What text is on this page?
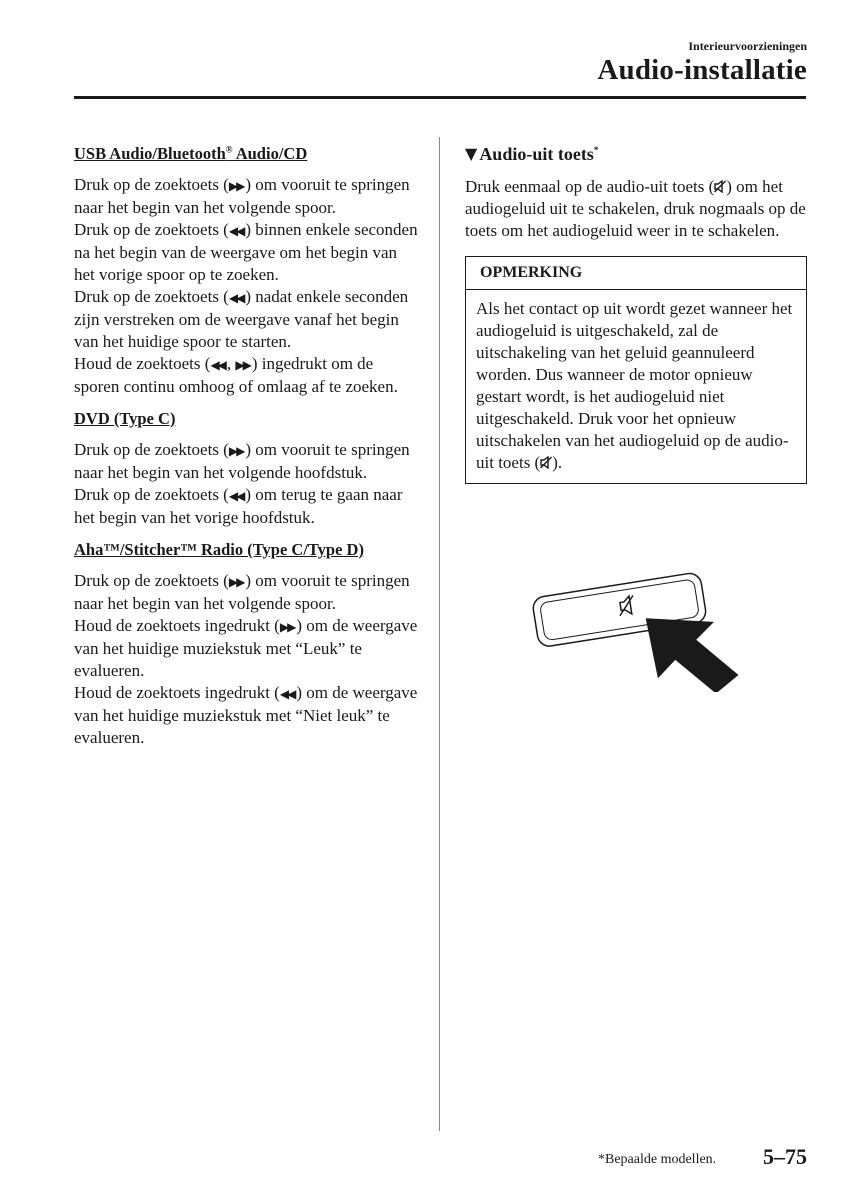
Interieurvoorzieningen
Audio-installatie
USB Audio/Bluetooth® Audio/CD

Druk op de zoektoets (▶▶ ) om vooruit te springen naar het begin van het volgende spoor.

Druk op de zoektoets (◀◀ ) binnen enkele seconden na het begin van de weergave om het begin van het vorige spoor op te zoeken.

Druk op de zoektoets (◀◀ ) nadat enkele seconden zijn verstreken om de weergave vanaf het begin van het huidige spoor te starten.

Houd de zoektoets (◀◀ , ▶▶ ) ingedrukt om de sporen continu omhoog of omlaag af te zoeken.

DVD (Type C)

Druk op de zoektoets (▶▶ ) om vooruit te springen naar het begin van het volgende hoofdstuk.

Druk op de zoektoets (◀◀ ) om terug te gaan naar het begin van het vorige hoofdstuk.

Aha™/Stitcher™ Radio (Type C/Type D)

Druk op de zoektoets (▶▶ ) om vooruit te springen naar het begin van het volgende spoor.

Houd de zoektoets ingedrukt (▶▶ ) om de weergave van het huidige muziekstuk met “Leuk” te evalueren.

Houd de zoektoets ingedrukt (◀◀ ) om de weergave van het huidige muziekstuk met “Niet leuk” te evalueren.

▼ Audio-uit toets*

Druk eenmaal op de audio-uit toets ( ) om het audiogeluid uit te schakelen, druk nogmaals op de toets om het audiogeluid weer in te schakelen.

OPMERKING
Als het contact op uit wordt gezet wanneer het audiogeluid is uitgeschakeld, zal de uitschakeling van het geluid geannuleerd worden. Dus wanneer de motor opnieuw gestart wordt, is het audiogeluid niet uitgeschakeld. Druk voor het opnieuw uitschakelen van het audiogeluid op de audio-uit toets ( ).
*Bepaalde modellen. 5–75
